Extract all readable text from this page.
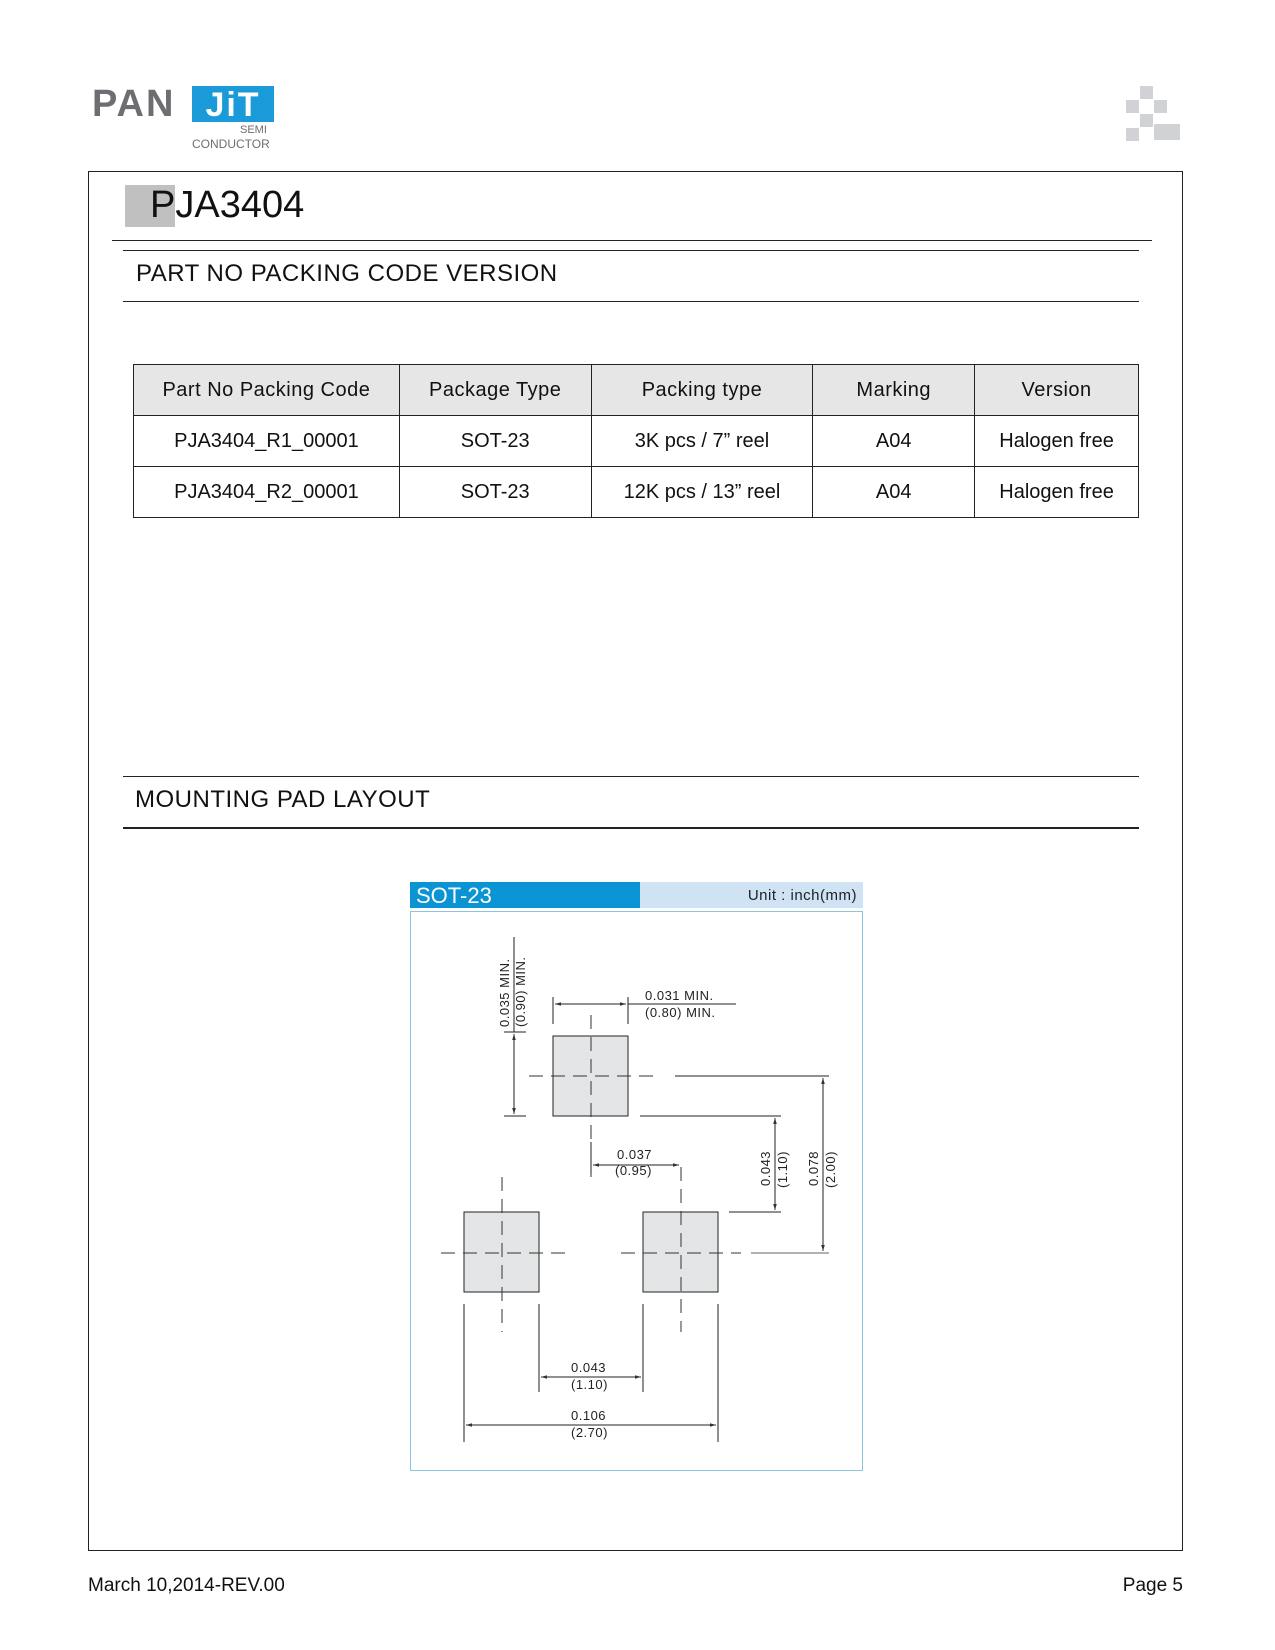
PAN JiT
SEMI
CONDUCTOR
PJA3404
PART NO PACKING CODE VERSION
Part No Packing Code	Package Type	Packing type	Marking	Version
PJA3404_R1_00001	SOT-23	3K pcs / 7” reel	A04	Halogen free
PJA3404_R2_00001	SOT-23	12K pcs / 13” reel	A04	Halogen free
MOUNTING PAD LAYOUT
SOT-23	Unit : inch(mm)
0.035 MIN. (0.90) MIN.	0.031 MIN.
(0.80) MIN.
0.037
(0.95)	0.043 (1.10) 0.078 (2.00)
0.043
(1.10)
0.106
(2.70)
March 10,2014-REV.00	Page 5
